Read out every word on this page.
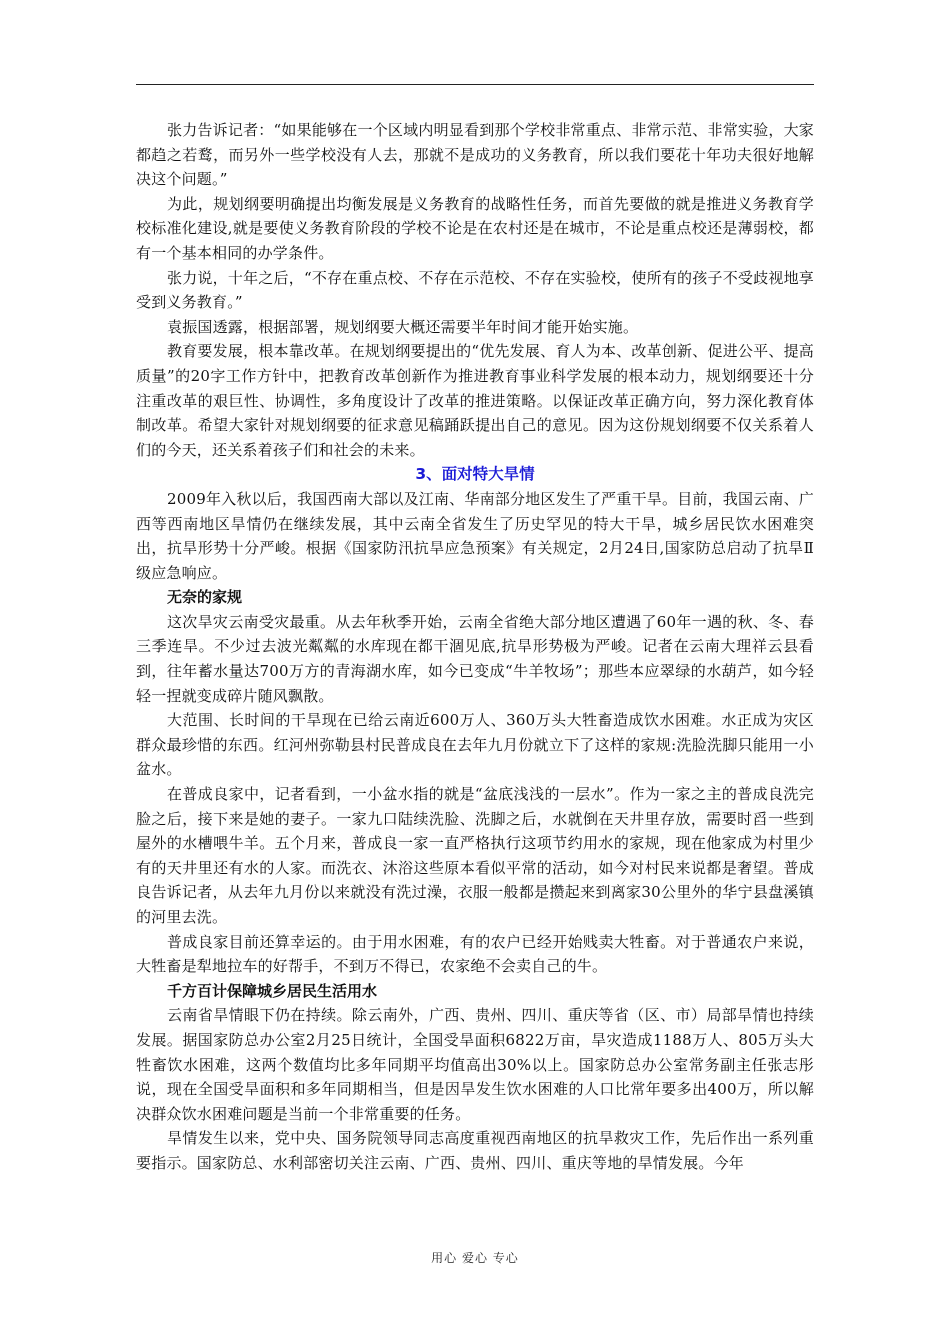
张力告诉记者：“如果能够在一个区域内明显看到那个学校非常重点、非常示范、非常实验，大家都趋之若鹜，而另外一些学校没有人去，那就不是成功的义务教育，所以我们要花十年功夫很好地解决这个问题。”

为此，规划纲要明确提出均衡发展是义务教育的战略性任务，而首先要做的就是推进义务教育学校标准化建设,就是要使义务教育阶段的学校不论是在农村还是在城市，不论是重点校还是薄弱校，都有一个基本相同的办学条件。

张力说，十年之后，“不存在重点校、不存在示范校、不存在实验校，使所有的孩子不受歧视地享受到义务教育。”

袁振国透露，根据部署，规划纲要大概还需要半年时间才能开始实施。

教育要发展，根本靠改革。在规划纲要提出的“优先发展、育人为本、改革创新、促进公平、提高质量”的20字工作方针中，把教育改革创新作为推进教育事业科学发展的根本动力，规划纲要还十分注重改革的艰巨性、协调性，多角度设计了改革的推进策略。以保证改革正确方向，努力深化教育体制改革。希望大家针对规划纲要的征求意见稿踊跃提出自己的意见。因为这份规划纲要不仅关系着人们的今天，还关系着孩子们和社会的未来。

3、面对特大旱情

2009年入秋以后，我国西南大部以及江南、华南部分地区发生了严重干旱。目前，我国云南、广西等西南地区旱情仍在继续发展，其中云南全省发生了历史罕见的特大干旱，城乡居民饮水困难突出，抗旱形势十分严峻。根据《国家防汛抗旱应急预案》有关规定，2月24日,国家防总启动了抗旱Ⅱ级应急响应。

无奈的家规

这次旱灾云南受灾最重。从去年秋季开始，云南全省绝大部分地区遭遇了60年一遇的秋、冬、春三季连旱。不少过去波光粼粼的水库现在都干涸见底,抗旱形势极为严峻。记者在云南大理祥云县看到，往年蓄水量达700万方的青海湖水库，如今已变成“牛羊牧场”；那些本应翠绿的水葫芦，如今轻轻一捏就变成碎片随风飘散。

大范围、长时间的干旱现在已给云南近600万人、360万头大牲畜造成饮水困难。水正成为灾区群众最珍惜的东西。红河州弥勒县村民普成良在去年九月份就立下了这样的家规:洗脸洗脚只能用一小盆水。

在普成良家中，记者看到，一小盆水指的就是“盆底浅浅的一层水”。作为一家之主的普成良洗完脸之后，接下来是她的妻子。一家九口陆续洗脸、洗脚之后，水就倒在天井里存放，需要时舀一些到屋外的水槽喂牛羊。五个月来，普成良一家一直严格执行这项节约用水的家规，现在他家成为村里少有的天井里还有水的人家。而洗衣、沐浴这些原本看似平常的活动，如今对村民来说都是奢望。普成良告诉记者，从去年九月份以来就没有洗过澡，衣服一般都是攒起来到离家30公里外的华宁县盘溪镇的河里去洗。

普成良家目前还算幸运的。由于用水困难，有的农户已经开始贱卖大牲畜。对于普通农户来说，大牲畜是犁地拉车的好帮手，不到万不得已，农家绝不会卖自己的牛。

千方百计保障城乡居民生活用水

云南省旱情眼下仍在持续。除云南外，广西、贵州、四川、重庆等省（区、市）局部旱情也持续发展。据国家防总办公室2月25日统计，全国受旱面积6822万亩，旱灾造成1188万人、805万头大牲畜饮水困难，这两个数值均比多年同期平均值高出30%以上。国家防总办公室常务副主任张志彤说，现在全国受旱面积和多年同期相当，但是因旱发生饮水困难的人口比常年要多出400万，所以解决群众饮水困难问题是当前一个非常重要的任务。

旱情发生以来，党中央、国务院领导同志高度重视西南地区的抗旱救灾工作，先后作出一系列重要指示。国家防总、水利部密切关注云南、广西、贵州、四川、重庆等地的旱情发展。今年

用心 爱心 专心
